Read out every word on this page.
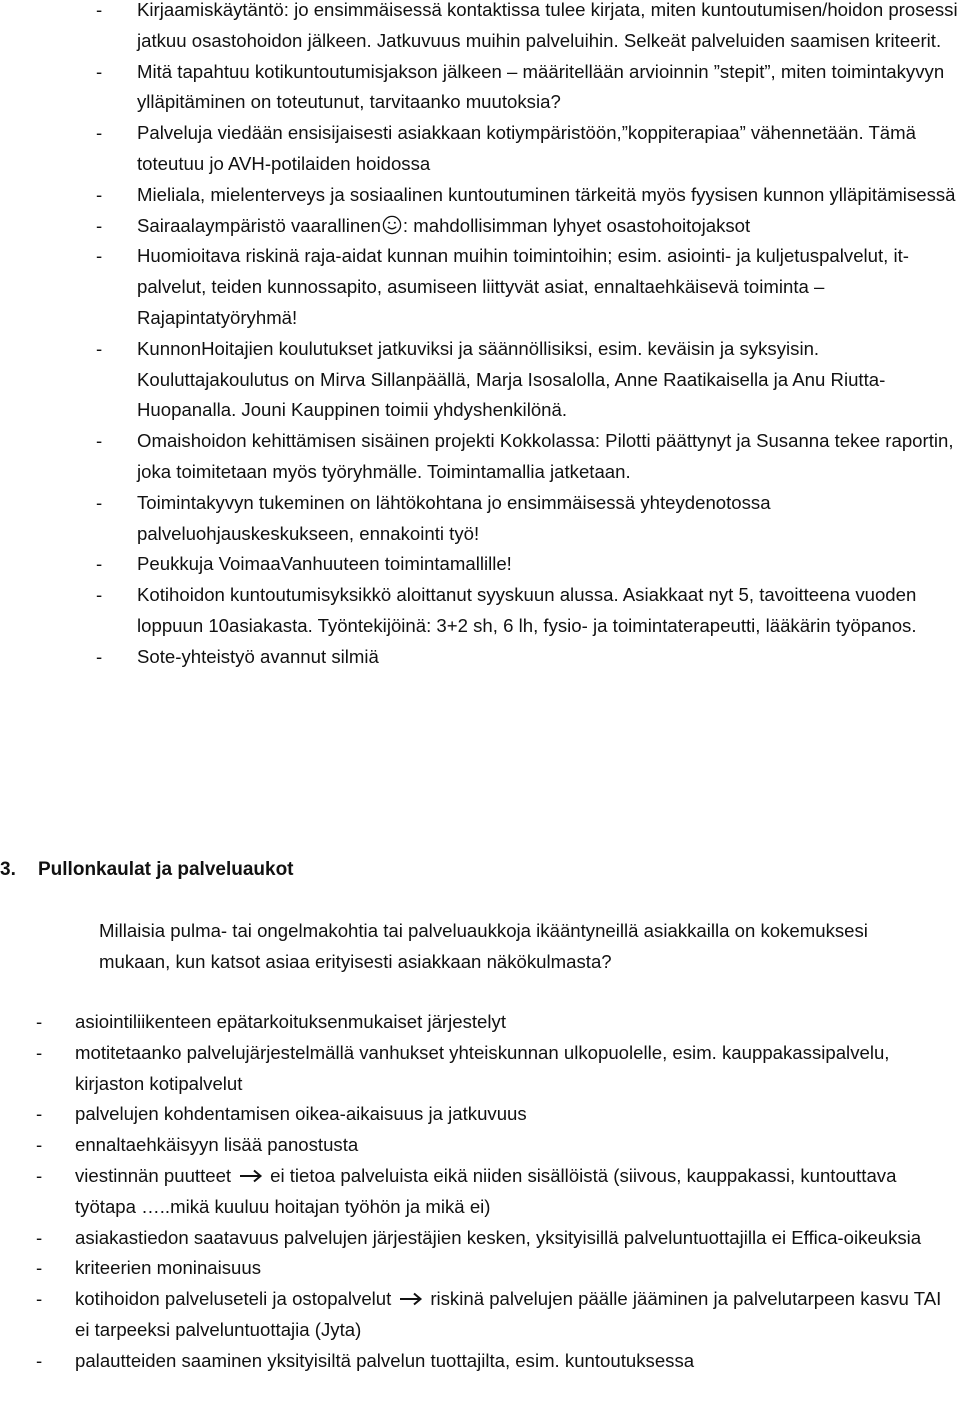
- Kirjaamiskäytäntö: jo ensimmäisessä kontaktissa tulee kirjata, miten kuntoutumisen/hoidon prosessi jatkuu osastohoidon jälkeen. Jatkuvuus muihin palveluihin. Selkeät palveluiden saamisen kriteerit.
- Mitä tapahtuu kotikuntoutumisjakson jälkeen – määritellään arvioinnin ”stepit”, miten toimintakyvyn ylläpitäminen on toteutunut, tarvitaanko muutoksia?
- Palveluja viedään ensisijaisesti asiakkaan kotiympäristöön,”koppiterapiaa” vähennetään. Tämä toteutuu jo AVH-potilaiden hoidossa
- Mieliala, mielenterveys ja sosiaalinen kuntoutuminen tärkeitä myös fyysisen kunnon ylläpitämisessä
- Sairaalaympäristö vaarallinen : mahdollisimman lyhyet osastohoitojaksot
- Huomioitava riskinä raja-aidat kunnan muihin toimintoihin; esim. asiointi- ja kuljetuspalvelut, it-palvelut, teiden kunnossapito, asumiseen liittyvät asiat, ennaltaehkäisevä toiminta – Rajapintatyöryhmä!
- KunnonHoitajien koulutukset jatkuviksi ja säännöllisiksi, esim. keväisin ja syksyisin. Kouluttajakoulutus on Mirva Sillanpäällä, Marja Isosalolla, Anne Raatikaisella ja Anu Riutta-Huopanalla. Jouni Kauppinen toimii yhdyshenkilönä.
- Omaishoidon kehittämisen sisäinen projekti Kokkolassa: Pilotti päättynyt ja Susanna tekee raportin, joka toimitetaan myös työryhmälle. Toimintamallia jatketaan.
- Toimintakyvyn tukeminen on lähtökohtana jo ensimmäisessä yhteydenotossa palveluohjauskeskukseen, ennakointi työ!
- Peukkuja VoimaaVanhuuteen toimintamallille!
- Kotihoidon kuntoutumisyksikkö aloittanut syyskuun alussa. Asiakkaat nyt 5, tavoitteena vuoden loppuun 10asiakasta. Työntekijöinä: 3+2 sh, 6 lh, fysio- ja toimintaterapeutti, lääkärin työpanos.
- Sote-yhteistyö avannut silmiä
3. Pullonkaulat ja palveluaukot
Millaisia pulma- tai ongelmakohtia tai palveluaukkoja ikääntyneillä asiakkailla on kokemuksesi mukaan, kun katsot asiaa erityisesti asiakkaan näkökulmasta?
- asiointiliikenteen epätarkoituksenmukaiset järjestelyt
- motitetaanko palvelujärjestelmällä vanhukset yhteiskunnan ulkopuolelle, esim. kauppakassipalvelu, kirjaston kotipalvelut
- palvelujen kohdentamisen oikea-aikaisuus ja jatkuvuus
- ennaltaehkäisyyn lisää panostusta
- viestinnän puutteet ei tietoa palveluista eikä niiden sisällöistä (siivous, kauppakassi, kuntouttava työtapa …..mikä kuuluu hoitajan työhön ja mikä ei)
- asiakastiedon saatavuus palvelujen järjestäjien kesken, yksityisillä palveluntuottajilla ei Effica-oikeuksia
- kriteerien moninaisuus
- kotihoidon palveluseteli ja ostopalvelut riskinä palvelujen päälle jääminen ja palvelutarpeen kasvu TAI ei tarpeeksi palveluntuottajia (Jyta)
- palautteiden saaminen yksityisiltä palvelun tuottajilta, esim. kuntoutuksessa
